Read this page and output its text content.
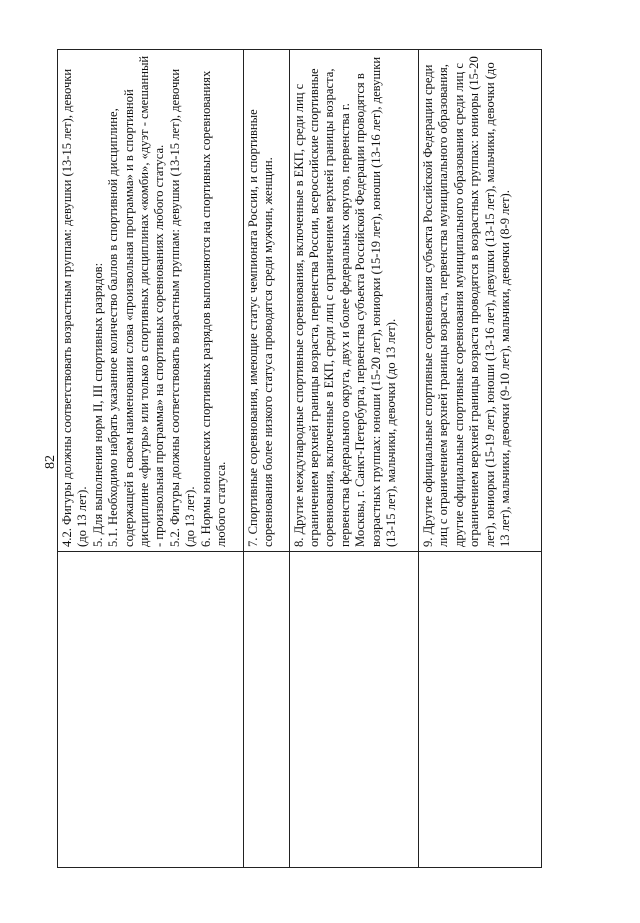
82

	4.2. Фигуры должны соответствовать возрастным группам: девушки (13-15 лет), девочки (до 13 лет). 5. Для выполнения норм II, III спортивных разрядов: 5.1. Необходимо набрать указанное количество баллов в спортивной дисциплине, содержащей в своем наименовании слова «произвольная программа» и в спортивной дисциплине «фигуры» или только в спортивных дисциплинах «комби», «дуэт - смешанный - произвольная программа» на спортивных соревнованиях любого статуса. 5.2. Фигуры должны соответствовать возрастным группам: девушки (13-15 лет), девочки (до 13 лет). 6. Нормы юношеских спортивных разрядов выполняются на спортивных соревнованиях любого статуса.

	7. Спортивные соревнования, имеющие статус чемпионата России, и спортивные соревнования более низкого статуса проводятся среди мужчин, женщин.

	8. Другие международные спортивные соревнования, включенные в ЕКП, среди лиц с ограничением верхней границы возраста, первенства России, всероссийские спортивные соревнования, включенные в ЕКП, среди лиц с ограничением верхней границы возраста, первенства федерального округа, двух и более федеральных округов, первенства г. Москвы, г. Санкт-Петербурга, первенства субъекта Российской Федерации проводятся в возрастных группах: юноши (15-20 лет), юниорки (15-19 лет), юноши (13-16 лет), девушки (13-15 лет), мальчики, девочки (до 13 лет).

	9. Другие официальные спортивные соревнования субъекта Российской Федерации среди лиц с ограничением верхней границы возраста, первенства муниципального образования, другие официальные спортивные соревнования муниципального образования среди лиц с ограничением верхней границы возраста проводятся в возрастных группах: юниоры (15-20 лет), юниорки (15-19 лет), юноши (13-16 лет), девушки (13-15 лет), мальчики, девочки (до 13 лет), мальчики, девочки (9-10 лет), мальчики, девочки (8-9 лет).
